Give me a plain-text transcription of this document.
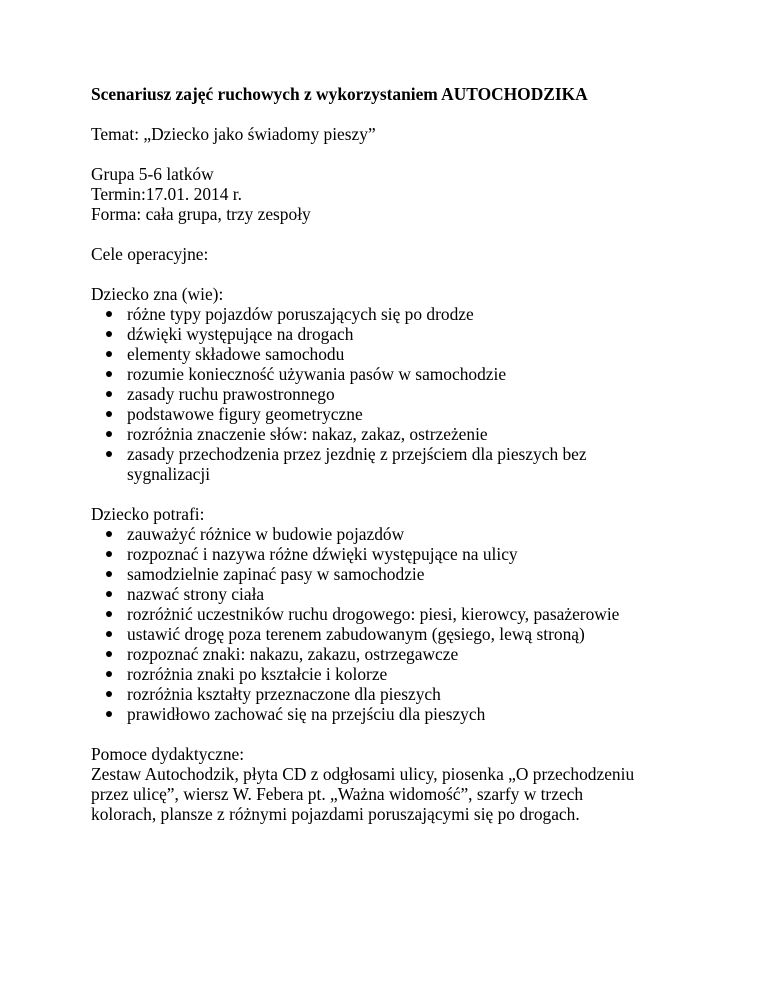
Scenariusz zajęć ruchowych z wykorzystaniem AUTOCHODZIKA

Temat: „Dziecko jako świadomy pieszy”

Grupa 5-6 latków

Termin:17.01. 2014 r.

Forma: cała grupa, trzy zespoły

Cele operacyjne:

Dziecko zna (wie):

różne typy pojazdów poruszających się po drodze
dźwięki występujące na drogach
elementy składowe samochodu
rozumie konieczność używania pasów w samochodzie
zasady ruchu prawostronnego
podstawowe figury geometryczne
rozróżnia znaczenie słów: nakaz, zakaz, ostrzeżenie
zasady przechodzenia przez jezdnię z przejściem dla pieszych bez
sygnalizacji

Dziecko potrafi:

zauważyć różnice w budowie pojazdów
rozpoznać i nazywa różne dźwięki występujące na ulicy
samodzielnie zapinać pasy w samochodzie
nazwać strony ciała
rozróżnić uczestników ruchu drogowego: piesi, kierowcy, pasażerowie
ustawić drogę poza terenem zabudowanym (gęsiego, lewą stroną)
rozpoznać znaki: nakazu, zakazu, ostrzegawcze
rozróżnia znaki po kształcie i kolorze
rozróżnia kształty przeznaczone dla pieszych
prawidłowo zachować się na przejściu dla pieszych

Pomoce dydaktyczne:

Zestaw Autochodzik, płyta CD z odgłosami ulicy, piosenka „O przechodzeniu

przez ulicę”, wiersz W. Febera pt. „Ważna widomość”, szarfy w trzech

kolorach, plansze z różnymi pojazdami poruszającymi się po drogach.
